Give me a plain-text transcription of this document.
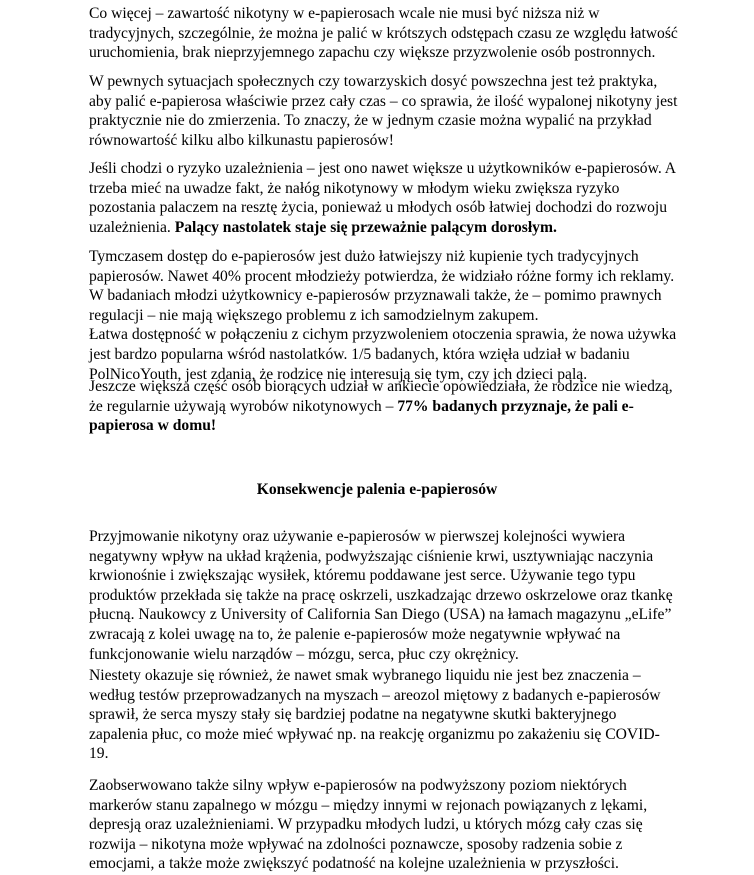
Co więcej – zawartość nikotyny w e-papierosach wcale nie musi być niższa niż w
tradycyjnych, szczególnie, że można je palić w krótszych odstępach czasu ze względu łatwość
uruchomienia, brak nieprzyjemnego zapachu czy większe przyzwolenie osób postronnych.

W pewnych sytuacjach społecznych czy towarzyskich dosyć powszechna jest też praktyka,
aby palić e-papierosa właściwie przez cały czas – co sprawia, że ilość wypalonej nikotyny jest
praktycznie nie do zmierzenia. To znaczy, że w jednym czasie można wypalić na przykład
równowartość kilku albo kilkunastu papierosów!

Jeśli chodzi o ryzyko uzależnienia – jest ono nawet większe u użytkowników e-papierosów. A
trzeba mieć na uwadze fakt, że nałóg nikotynowy w młodym wieku zwiększa ryzyko
pozostania palaczem na resztę życia, ponieważ u młodych osób łatwiej dochodzi do rozwoju
uzależnienia. Palący nastolatek staje się przeważnie palącym dorosłym.

Tymczasem dostęp do e-papierosów jest dużo łatwiejszy niż kupienie tych tradycyjnych
papierosów. Nawet 40% procent młodzieży potwierdza, że widziało różne formy ich reklamy.
W badaniach młodzi użytkownicy e-papierosów przyznawali także, że – pomimo prawnych
regulacji – nie mają większego problemu z ich samodzielnym zakupem.
Łatwa dostępność w połączeniu z cichym przyzwoleniem otoczenia sprawia, że nowa używka
jest bardzo popularna wśród nastolatków. 1/5 badanych, która wzięła udział w badaniu
PolNicoYouth, jest zdania, że rodzice nie interesują się tym, czy ich dzieci palą.

Jeszcze większa część osób biorących udział w ankiecie opowiedziała, że rodzice nie wiedzą,
że regularnie używają wyrobów nikotynowych – 77% badanych przyznaje, że pali e-
papierosa w domu!

Konsekwencje palenia e-papierosów

Przyjmowanie nikotyny oraz używanie e-papierosów w pierwszej kolejności wywiera
negatywny wpływ na układ krążenia, podwyższając ciśnienie krwi, usztywniając naczynia
krwionośnie i zwiększając wysiłek, któremu poddawane jest serce. Używanie tego typu
produktów przekłada się także na pracę oskrzeli, uszkadzając drzewo oskrzelowe oraz tkankę
płucną. Naukowcy z University of California San Diego (USA) na łamach magazynu „eLife”
zwracają z kolei uwagę na to, że palenie e-papierosów może negatywnie wpływać na
funkcjonowanie wielu narządów – mózgu, serca, płuc czy okrężnicy.

Niestety okazuje się również, że nawet smak wybranego liquidu nie jest bez znaczenia –
według testów przeprowadzanych na myszach – areozol miętowy z badanych e-papierosów
sprawił, że serca myszy stały się bardziej podatne na negatywne skutki bakteryjnego
zapalenia płuc, co może mieć wpływać np. na reakcję organizmu po zakażeniu się COVID-
19.

Zaobserwowano także silny wpływ e-papierosów na podwyższony poziom niektórych
markerów stanu zapalnego w mózgu – między innymi w rejonach powiązanych z lękami,
depresją oraz uzależnieniami. W przypadku młodych ludzi, u których mózg cały czas się
rozwija – nikotyna może wpływać na zdolności poznawcze, sposoby radzenia sobie z
emocjami, a także może zwiększyć podatność na kolejne uzależnienia w przyszłości.
